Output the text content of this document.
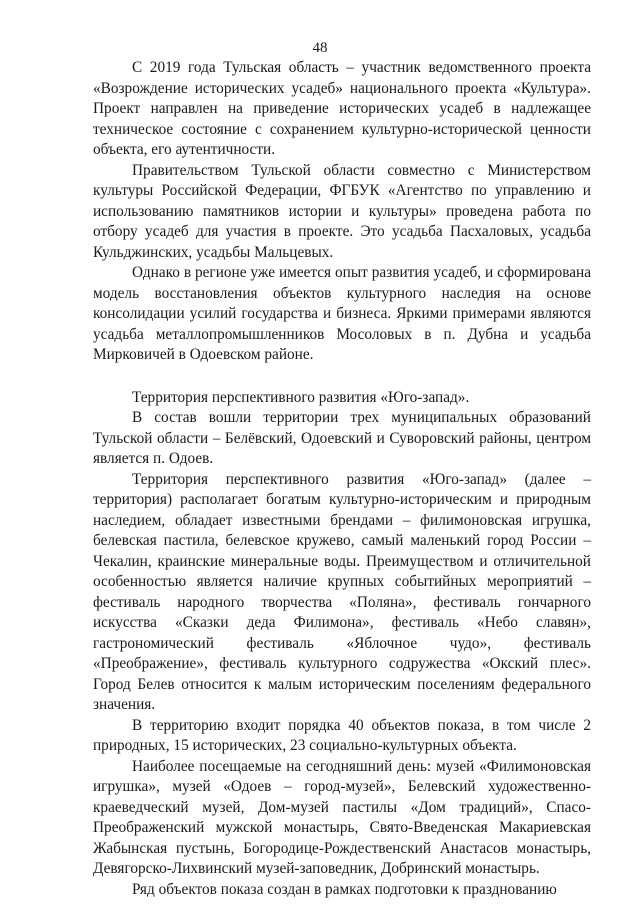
48

С 2019 года Тульская область – участник ведомственного проекта «Возрождение исторических усадеб» национального проекта «Культура». Проект направлен на приведение исторических усадеб в надлежащее техническое состояние с сохранением культурно-исторической ценности объекта, его аутентичности.

Правительством Тульской области совместно с Министерством культуры Российской Федерации, ФГБУК «Агентство по управлению и использованию памятников истории и культуры» проведена работа по отбору усадеб для участия в проекте. Это усадьба Пасхаловых, усадьба Кульджинских, усадьбы Мальцевых.

Однако в регионе уже имеется опыт развития усадеб, и сформирована модель восстановления объектов культурного наследия на основе консолидации усилий государства и бизнеса. Яркими примерами являются усадьба металлопромышленников Мосоловых в п. Дубна и усадьба Мирковичей в Одоевском районе.

Территория перспективного развития «Юго-запад».

В состав вошли территории трех муниципальных образований Тульской области – Белёвский, Одоевский и Суворовский районы, центром является п. Одоев.

Территория перспективного развития «Юго-запад» (далее – территория) располагает богатым культурно-историческим и природным наследием, обладает известными брендами – филимоновская игрушка, белевская пастила, белевское кружево, самый маленький город России – Чекалин, краинские минеральные воды. Преимуществом и отличительной особенностью является наличие крупных событийных мероприятий – фестиваль народного творчества «Поляна», фестиваль гончарного искусства «Сказки деда Филимона», фестиваль «Небо славян», гастрономический фестиваль «Яблочное чудо», фестиваль «Преображение», фестиваль культурного содружества «Окский плес». Город Белев относится к малым историческим поселениям федерального значения.

В территорию входит порядка 40 объектов показа, в том числе 2 природных, 15 исторических, 23 социально-культурных объекта.

Наиболее посещаемые на сегодняшний день: музей «Филимоновская игрушка», музей «Одоев – город-музей», Белевский художественно-краеведческий музей, Дом-музей пастилы «Дом традиций», Спасо-Преображенский мужской монастырь, Свято-Введенская Макариевская Жабынская пустынь, Богородице-Рождественский Анастасов монастырь, Девягорско-Лихвинский музей-заповедник, Добринский монастырь.

Ряд объектов показа создан в рамках подготовки к празднованию
